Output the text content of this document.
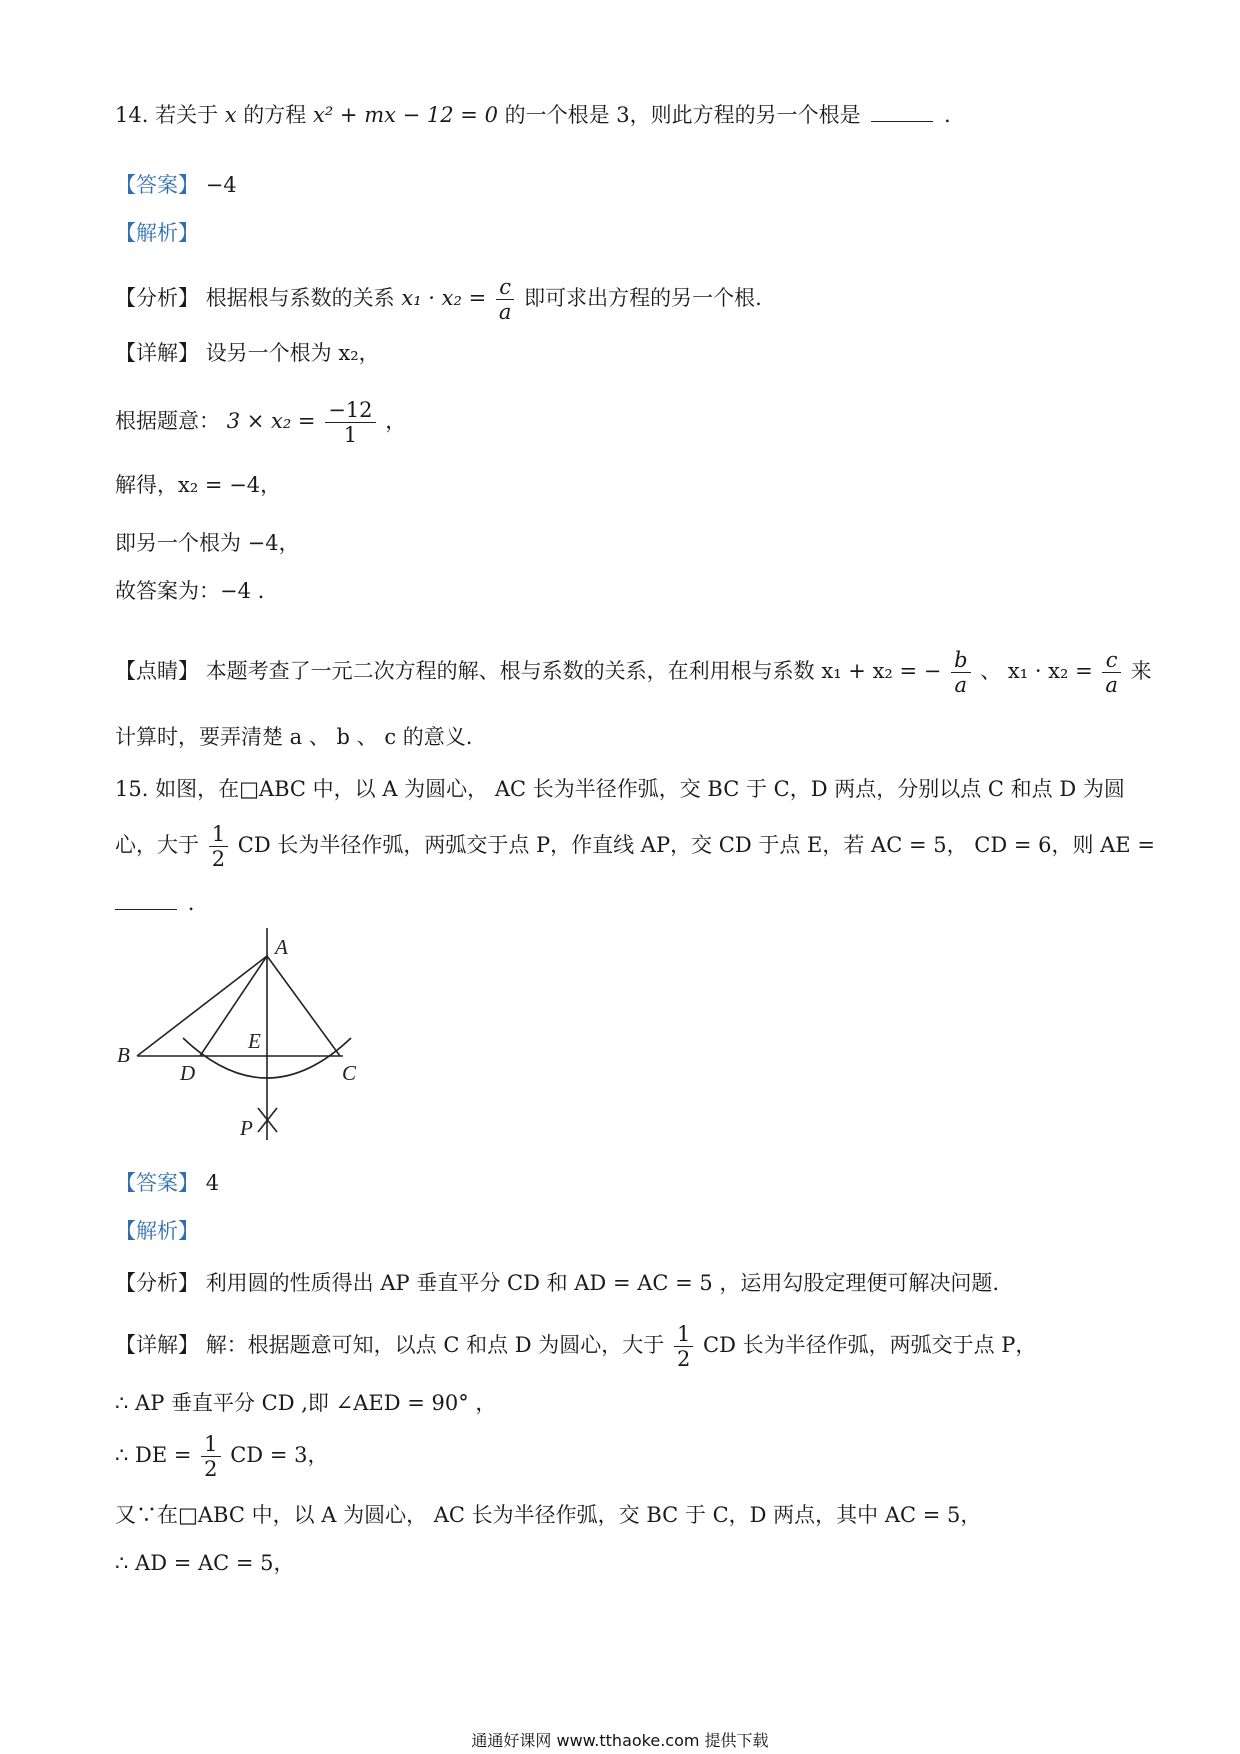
14. 若关于 x 的方程 x² + mx − 12 = 0 的一个根是 3，则此方程的另一个根是	.
【答案】 −4
【解析】
【分析】 根据根与系数的关系 $x_1 \cdot x_2 = \frac{c}{a}$ 即可求出方程的另一个根.
【详解】 设另一个根为 x₂，
根据题意： $3 \times x_2 = \frac{-12}{1}$ ，
解得，x₂ = −4，
即另一个根为 −4，
故答案为：−4 .
【点睛】 本题考查了一元二次方程的解、根与系数的关系，在利用根与系数 x₁ + x₂ = − $\frac{b}{a}$ 、 $x_1 \cdot x_2 = \frac{c}{a}$ 来
计算时，要弄清楚 a 、 b 、 c 的意义.
15. 如图，在□ABC 中，以 A 为圆心， AC 长为半径作弧，交 BC 于 C，D 两点，分别以点 C 和点 D 为圆
心，大于 $\frac{1}{2}$ CD 长为半径作弧，两弧交于点 P，作直线 AP，交 CD 于点 E，若 AC = 5， CD = 6，则 AE =
.
A
B
C
D
E
P
【答案】 4
【解析】
【分析】 利用圆的性质得出 AP 垂直平分 CD 和 AD = AC = 5 ，运用勾股定理便可解决问题.
【详解】 解：根据题意可知，以点 C 和点 D 为圆心，大于 $\frac{1}{2}$ CD 长为半径作弧，两弧交于点 P，
∴ AP 垂直平分 CD ,即 ∠AED = 90° ，
∴ DE = $\frac{1}{2}$ CD = 3，
又∵在□ABC 中，以 A 为圆心， AC 长为半径作弧，交 BC 于 C，D 两点，其中 AC = 5，
∴ AD = AC = 5，
通通好课网 www.tthaoke.com 提供下载
